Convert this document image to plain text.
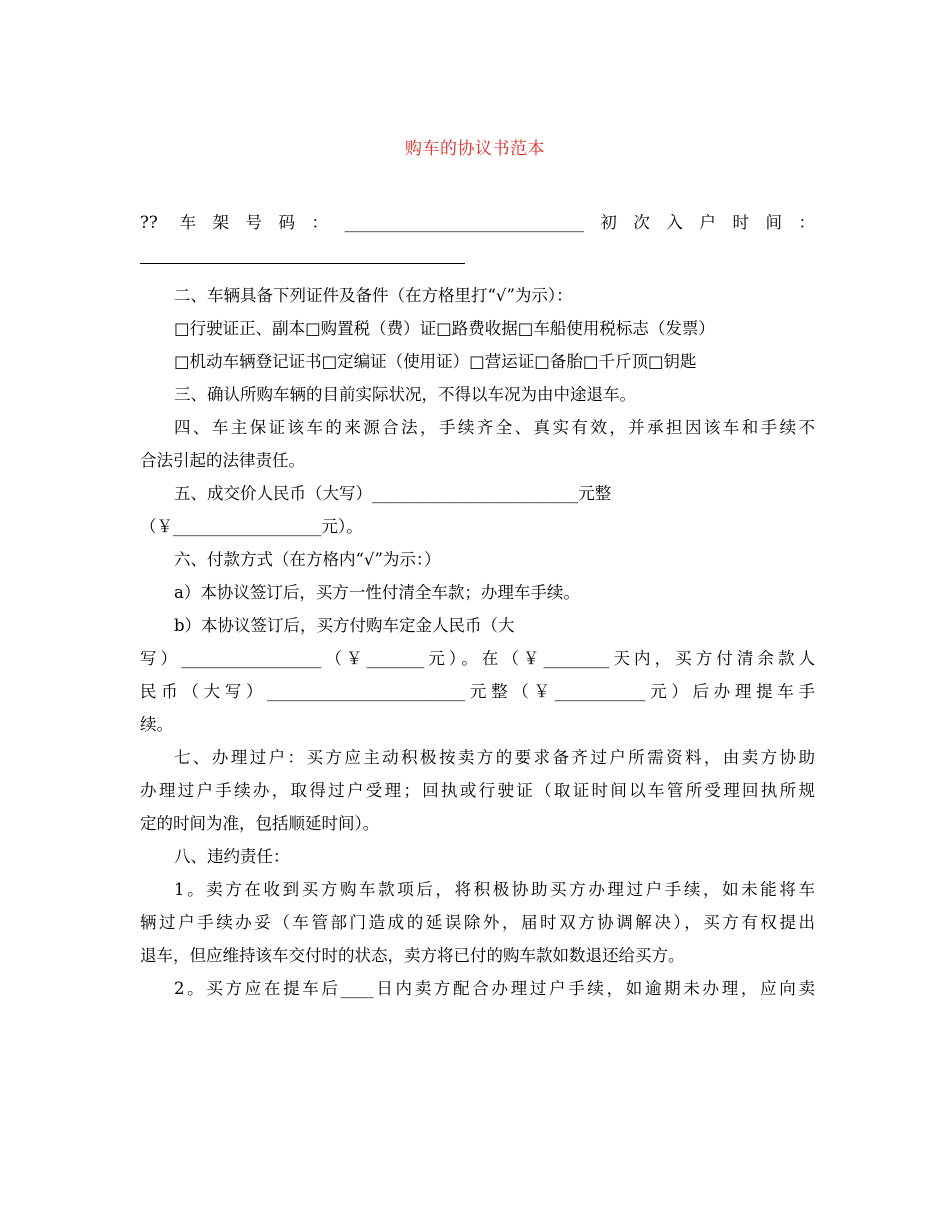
购车的协议书范本
?? 车架号码：_____________________________初次入户时间：
二、车辆具备下列证件及备件（在方格里打“√”为示）：
□行驶证正、副本□购置税（费）证□路费收据□车船使用税标志（发票）
□机动车辆登记证书□定编证（使用证）□营运证□备胎□千斤顶□钥匙
三、确认所购车辆的目前实际状况，不得以车况为由中途退车。
四、车主保证该车的来源合法，手续齐全、真实有效，并承担因该车和手续不
合法引起的法律责任。
五、成交价人民币（大写）_________________________元整
（￥__________________元）。
六、付款方式（在方格内“√”为示：）
a）本协议签订后，买方一性付清全车款；办理车手续。
b）本协议签订后，买方付购车定金人民币（大
写）_________________（￥_______元）。在（￥________天内，买方付清余款人
民币（大写）________________________元整（￥___________元）后办理提车手
续。
七、办理过户：买方应主动积极按卖方的要求备齐过户所需资料，由卖方协助
办理过户手续办，取得过户受理；回执或行驶证（取证时间以车管所受理回执所规
定的时间为准，包括顺延时间）。
八、违约责任：
1。卖方在收到买方购车款项后，将积极协助买方办理过户手续，如未能将车
辆过户手续办妥（车管部门造成的延误除外，届时双方协调解决），买方有权提出
退车，但应维持该车交付时的状态，卖方将已付的购车款如数退还给买方。
2。买方应在提车后____日内卖方配合办理过户手续，如逾期未办理，应向卖
